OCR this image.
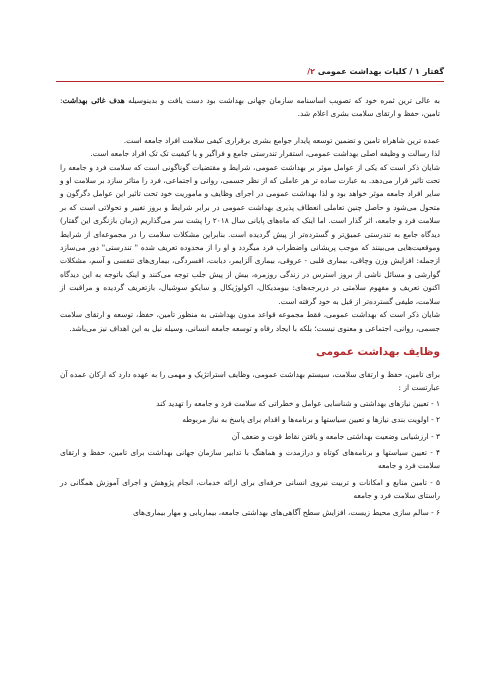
گفتار ۱ / کلیات بهداشت عمومی ۲/

به عالی ترین ثمره خود که تصویب اساسنامه سازمان جهانی بهداشت بود دست یافت و بدینوسیله هدف غائی بهداشت: تامین، حفظ و ارتقای سلامت بشری اعلام شد.

عمده ترین شاهراه تامین و تضمین توسعه پایدار جوامع بشری برقراری کیفی سلامت افراد جامعه است.

لذا رسالت و وظیفه اصلی بهداشت عمومی، استقرار تندرستی جامع و فراگیر و یا کیفیت تک تک افراد جامعه است.

شایان ذکر است که یکی از عوامل موثر بر بهداشت عمومی، شرایط و مقتضیات گوناگونی است که سلامت فرد و جامعه را تحت تاثیر قرار می‌دهد. به عبارت ساده تر هر عاملی که از نظر جسمی، روانی و اجتماعی، فرد را متاثر سازد بر سلامت او و سایر افراد جامعه موثر خواهد بود و لذا بهداشت عمومی در اجرای وظایف و ماموریت خود تحت تاثیر این عوامل دگرگون و متحول می‌شود و حاصل چنین تعاملی انعطاف پذیری بهداشت عمومی در برابر شرایط و بروز تغییر و تحولاتی است که بر سلامت فرد و جامعه، اثر گذار است. اما اینک که ماه‌های پایانی سال ۲۰۱۸ را پشت سر می‌گذاریم (زمان بازنگری این گفتار) دیدگاه جامع به تندرستی عمیق‌تر و گسترده‌تر از پیش گردیده است. بنابراین مشکلات سلامت را در مجموعه‌ای از شرایط وموقعیت‌هایی می‌بینند که موجب پریشانی واضطراب فرد میگردد و او را از محدوده تعریف شده " تندرستی" دور می‌سازد ازجمله: افزایش وزن وچاقی، بیماری قلبی - عروقی، بیماری آلزایمر، دیابت، افسردگی، بیماری‌های تنفسی و آسم، مشکلات گوارشی و مسائل ناشی از بروز استرس در زندگی روزمره، بیش از پیش جلب توجه می‌کنند و اینک باتوجه به این دیدگاه اکنون تعریف و مفهوم سلامتی در دربرجه‌های: بیومدیکال، اکولوژیکال و سایکو سوشیال، بازتعریف گردیده و مراقبت از سلامت، طیفی گسترده‌تر از قبل به خود گرفته است.

شایان ذکر است که بهداشت عمومی، فقط مجموعه قواعد مدون بهداشتی به منظور تامین، حفظ، توسعه و ارتقای سلامت جسمی، روانی، اجتماعی و معنوی نیست؛ بلکه با ایجاد رفاه و توسعه جامعه انسانی، وسیله نیل به این اهداف نیز می‌باشد.

وظایف بهداشت عمومی

برای تامین، حفظ و ارتقای سلامت، سیستم بهداشت عمومی، وظایف استراتژیک و مهمی را به عهده دارد که ارکان عمده آن عبارتست از :

۱ - تعیین نیازهای بهداشتی و شناسایی عوامل و خطراتی که سلامت فرد و جامعه را تهدید کند
۲ - اولویت بندی نیازها و تعیین سیاستها و برنامه‌ها و اقدام برای پاسخ به نیاز مربوطه
۳ - ارزشیابی وضعیت بهداشتی جامعه و یافتن نقاط قوت و ضعف آن
۴ - تعیین سیاستها و برنامه‌های کوتاه و درازمدت و هماهنگ با تدابیر سازمان جهانی بهداشت برای تامین، حفظ و ارتقای سلامت فرد و جامعه
۵ - تامین منابع و امکانات و تربیت نیروی انسانی حرفه‌ای برای ارائه خدمات، انجام پژوهش و اجرای آموزش همگانی در راستای سلامت فرد و جامعه
۶ - سالم سازی محیط زیست، افزایش سطح آگاهی‌های بهداشتی جامعه، بیماریابی و مهار بیماری‌های
